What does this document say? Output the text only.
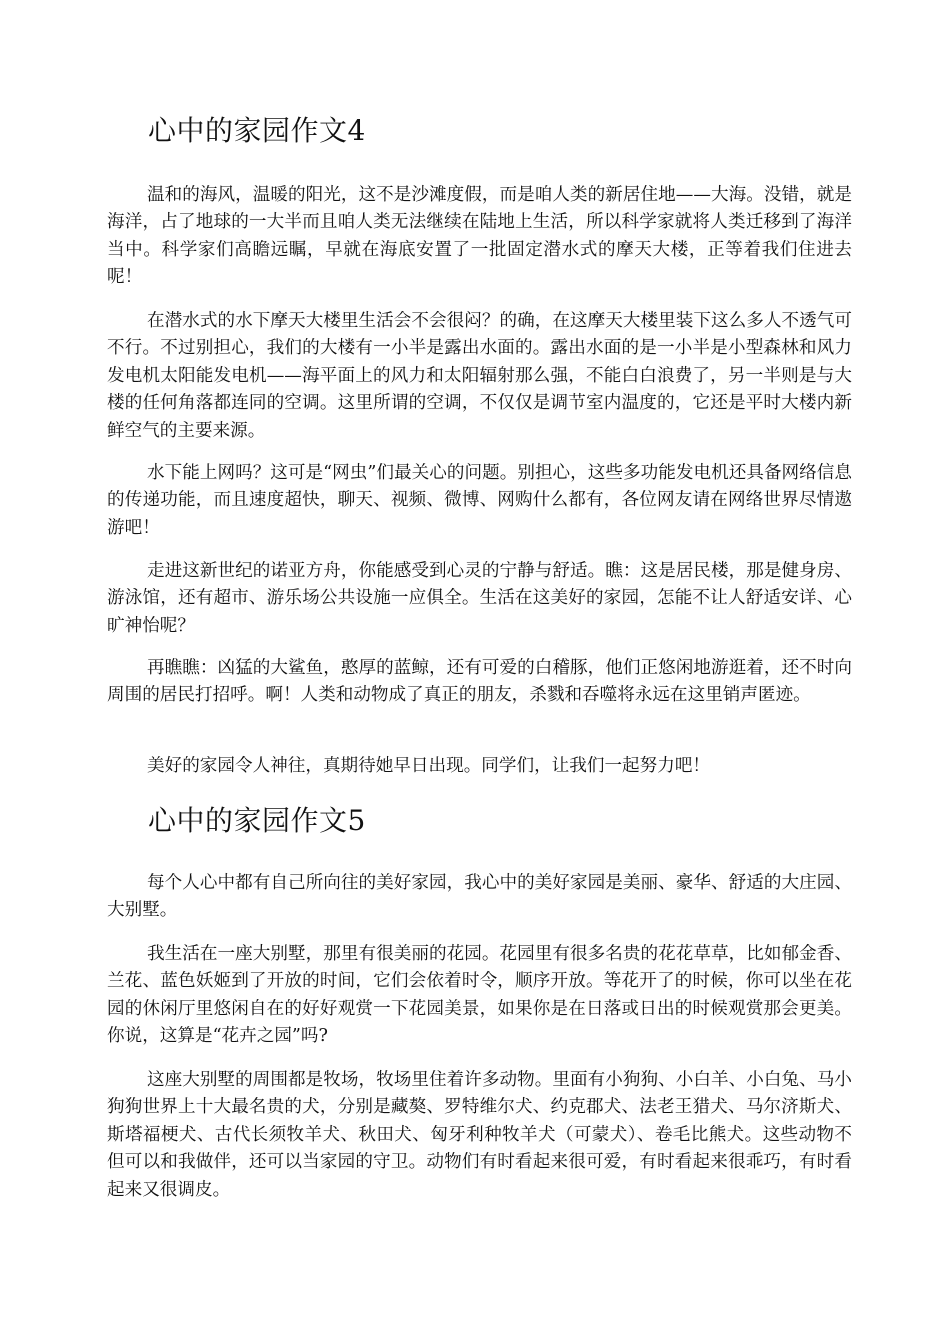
心中的家园作文4

温和的海风，温暖的阳光，这不是沙滩度假，而是咱人类的新居住地——大海。没错，就是海洋，占了地球的一大半而且咱人类无法继续在陆地上生活，所以科学家就将人类迁移到了海洋当中。科学家们高瞻远瞩，早就在海底安置了一批固定潜水式的摩天大楼，正等着我们住进去呢！

在潜水式的水下摩天大楼里生活会不会很闷？的确，在这摩天大楼里装下这么多人不透气可不行。不过别担心，我们的大楼有一小半是露出水面的。露出水面的是一小半是小型森林和风力发电机太阳能发电机——海平面上的风力和太阳辐射那么强，不能白白浪费了，另一半则是与大楼的任何角落都连同的空调。这里所谓的空调，不仅仅是调节室内温度的，它还是平时大楼内新鲜空气的主要来源。

水下能上网吗？这可是“网虫”们最关心的问题。别担心，这些多功能发电机还具备网络信息的传递功能，而且速度超快，聊天、视频、微博、网购什么都有，各位网友请在网络世界尽情遨游吧！

走进这新世纪的诺亚方舟，你能感受到心灵的宁静与舒适。瞧：这是居民楼，那是健身房、游泳馆，还有超市、游乐场公共设施一应俱全。生活在这美好的家园，怎能不让人舒适安详、心旷神怡呢？

再瞧瞧：凶猛的大鲨鱼，憨厚的蓝鲸，还有可爱的白稽豚，他们正悠闲地游逛着，还不时向周围的居民打招呼。啊！人类和动物成了真正的朋友，杀戮和吞噬将永远在这里销声匿迹。

美好的家园令人神往，真期待她早日出现。同学们，让我们一起努力吧！

心中的家园作文5

每个人心中都有自己所向往的美好家园，我心中的美好家园是美丽、豪华、舒适的大庄园、大别墅。

我生活在一座大别墅，那里有很美丽的花园。花园里有很多名贵的花花草草，比如郁金香、兰花、蓝色妖姬到了开放的时间，它们会依着时令，顺序开放。等花开了的时候，你可以坐在花园的休闲厅里悠闲自在的好好观赏一下花园美景，如果你是在日落或日出的时候观赏那会更美。你说，这算是“花卉之园”吗?

这座大别墅的周围都是牧场，牧场里住着许多动物。里面有小狗狗、小白羊、小白兔、马小狗狗世界上十大最名贵的犬，分别是藏獒、罗特维尔犬、约克郡犬、法老王猎犬、马尔济斯犬、斯塔福梗犬、古代长须牧羊犬、秋田犬、匈牙利种牧羊犬（可蒙犬）、卷毛比熊犬。这些动物不但可以和我做伴，还可以当家园的守卫。动物们有时看起来很可爱，有时看起来很乖巧，有时看起来又很调皮。
